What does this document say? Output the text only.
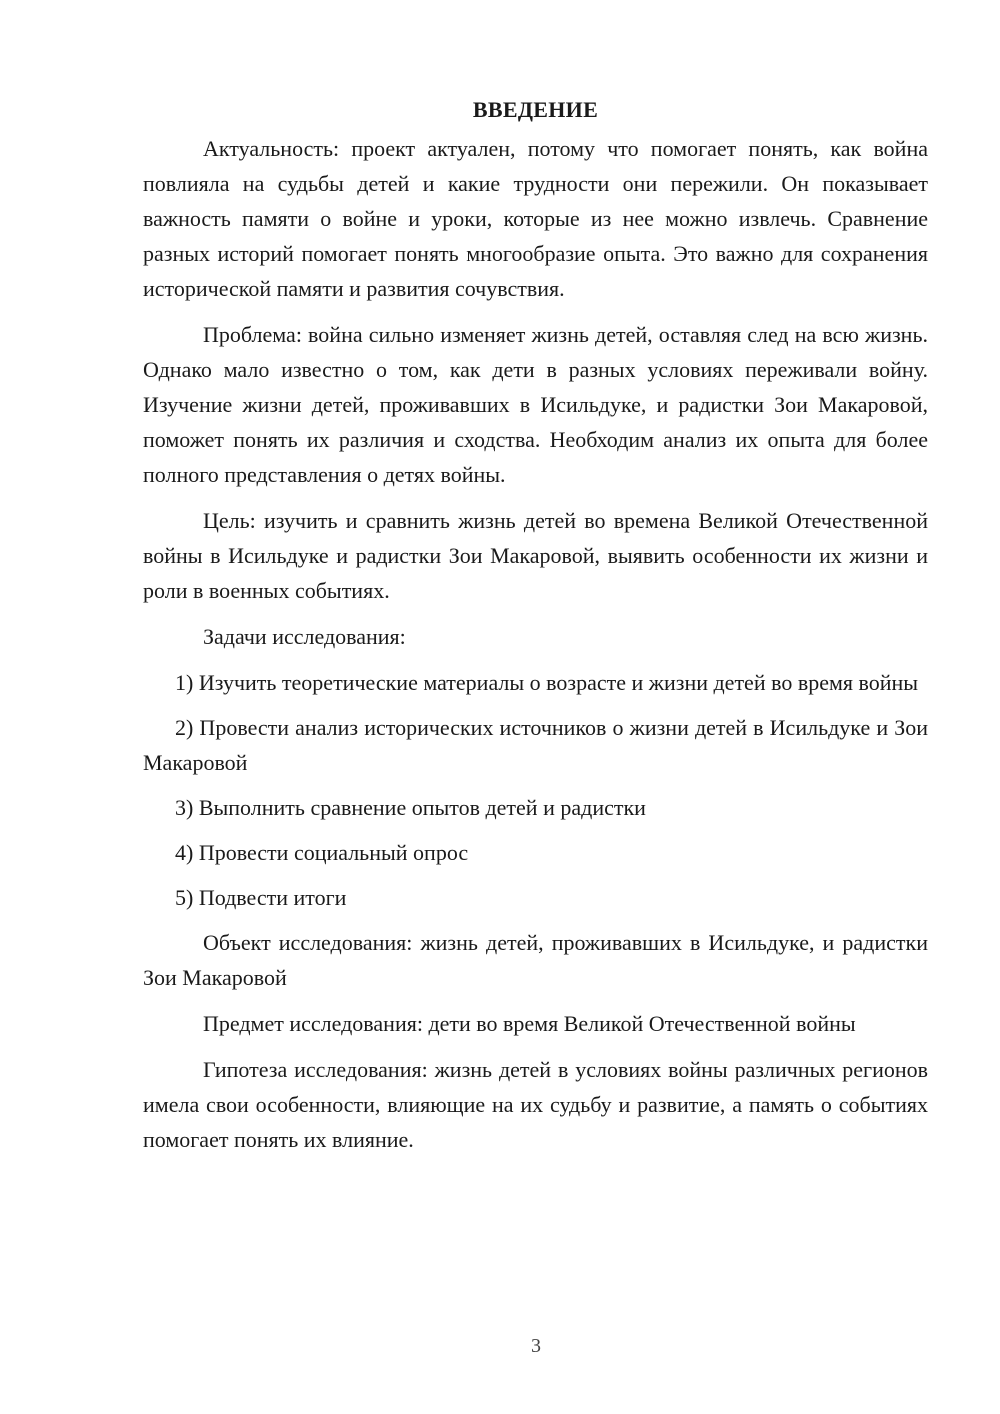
ВВЕДЕНИЕ

Актуальность: проект актуален, потому что помогает понять, как война повлияла на судьбы детей и какие трудности они пережили. Он показывает важность памяти о войне и уроки, которые из нее можно извлечь. Сравнение разных историй помогает понять многообразие опыта. Это важно для сохранения исторической памяти и развития сочувствия.

Проблема: война сильно изменяет жизнь детей, оставляя след на всю жизнь. Однако мало известно о том, как дети в разных условиях переживали войну. Изучение жизни детей, проживавших в Исильдуке, и радистки Зои Макаровой, поможет понять их различия и сходства. Необходим анализ их опыта для более полного представления о детях войны.

Цель: изучить и сравнить жизнь детей во времена Великой Отечественной войны в Исильдуке и радистки Зои Макаровой, выявить особенности их жизни и роли в военных событиях.

Задачи исследования:

1) Изучить теоретические материалы о возрасте и жизни детей во время войны

2) Провести анализ исторических источников о жизни детей в Исильдуке и Зои Макаровой

3) Выполнить сравнение опытов детей и радистки

4) Провести социальный опрос

5) Подвести итоги

Объект исследования: жизнь детей, проживавших в Исильдуке, и радистки Зои Макаровой

Предмет исследования: дети во время Великой Отечественной войны

Гипотеза исследования: жизнь детей в условиях войны различных регионов имела свои особенности, влияющие на их судьбу и развитие, а память о событиях помогает понять их влияние.

3
